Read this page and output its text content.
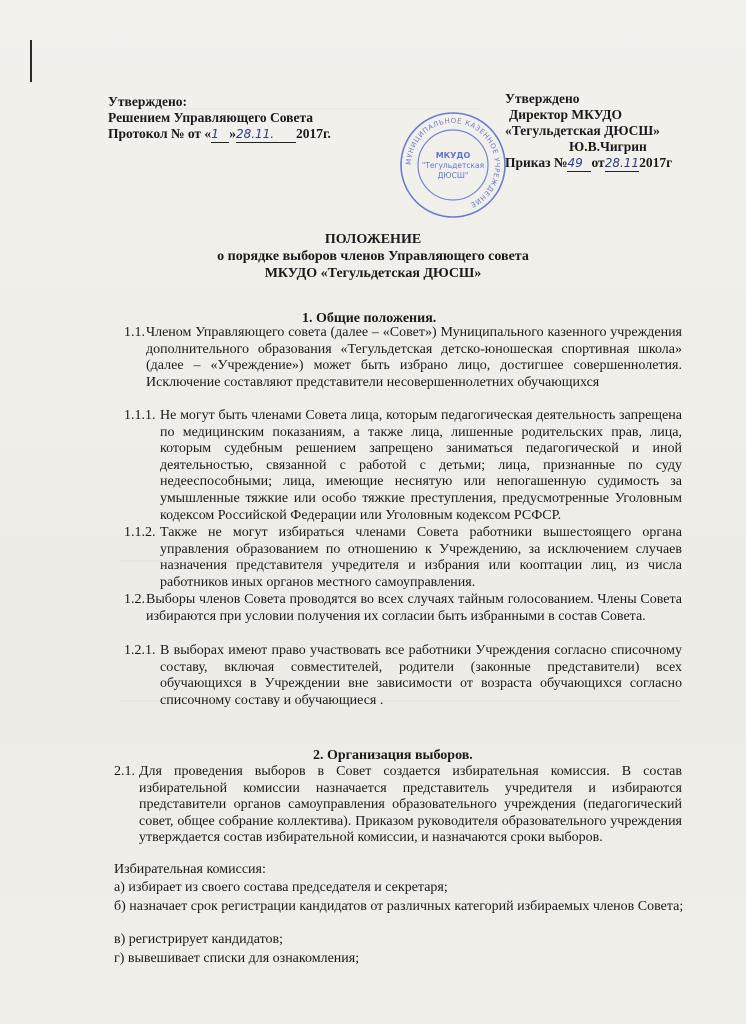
Утверждено:
Решением Управляющего Совета
Протокол № от «1 »28.11. 2017г.
Утверждено
Директор МКУДО
«Тегульдетская ДЮСШ»
Ю.В.Чигрин
Приказ №49 от28.112017г
МУНИЦИПАЛЬНОЕ КАЗЕННОЕ УЧРЕЖДЕНИЕ
МКУДО
"Тегульдетская
ДЮСШ"
ПОЛОЖЕНИЕ
о порядке выборов членов Управляющего совета
МКУДО «Тегульдетская ДЮСШ»
1. Общие положения.
1.1. Членом Управляющего совета (далее – «Совет») Муниципального казенного учреждения дополнительного образования «Тегульдетская детско-юношеская спортивная школа» (далее – «Учреждение») может быть избрано лицо, достигшее совершеннолетия. Исключение составляют представители несовершеннолетних обучающихся
1.1.1. Не могут быть членами Совета лица, которым педагогическая деятельность запрещена по медицинским показаниям, а также лица, лишенные родительских прав, лица, которым судебным решением запрещено заниматься педагогической и иной деятельностью, связанной с работой с детьми; лица, признанные по суду недееспособными; лица, имеющие неснятую или непогашенную судимость за умышленные тяжкие или особо тяжкие преступления, предусмотренные Уголовным кодексом Российской Федерации или Уголовным кодексом РСФСР.
1.1.2. Также не могут избираться членами Совета работники вышестоящего органа управления образованием по отношению к Учреждению, за исключением случаев назначения представителя учредителя и избрания или кооптации лиц, из числа работников иных органов местного самоуправления.
1.2. Выборы членов Совета проводятся во всех случаях тайным голосованием. Члены Совета избираются при условии получения их согласии быть избранными в состав Совета.
1.2.1. В выборах имеют право участвовать все работники Учреждения согласно списочному составу, включая совместителей, родители (законные представители) всех обучающихся в Учреждении вне зависимости от возраста обучающихся согласно списочному составу и обучающиеся .
2. Организация выборов.
2.1. Для проведения выборов в Совет создается избирательная комиссия. В состав избирательной комиссии назначается представитель учредителя и избираются представители органов самоуправления образовательного учреждения (педагогический совет, общее собрание коллектива). Приказом руководителя образовательного учреждения утверждается состав избирательной комиссии, и назначаются сроки выборов.
Избирательная комиссия:
а) избирает из своего состава председателя и секретаря;
б) назначает срок регистрации кандидатов от различных категорий избираемых членов Совета;
в) регистрирует кандидатов;
г) вывешивает списки для ознакомления;
